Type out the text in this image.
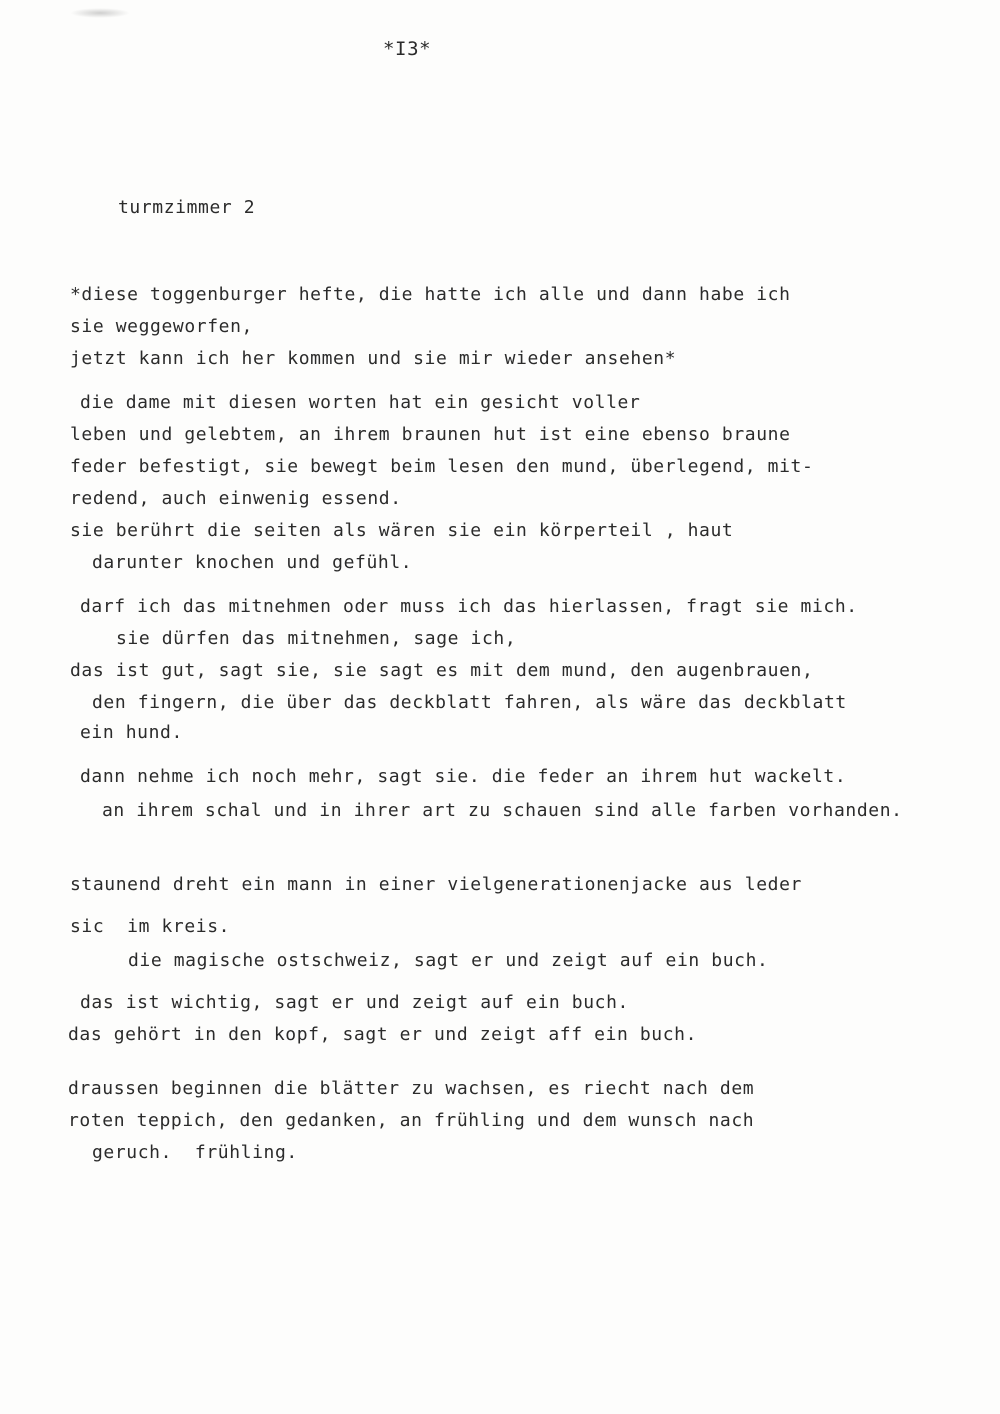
*I3*
turmzimmer 2
*diese toggenburger hefte, die hatte ich alle und dann habe ich
sie weggeworfen,
jetzt kann ich her kommen und sie mir wieder ansehen*
die dame mit diesen worten hat ein gesicht voller
leben und gelebtem, an ihrem braunen hut ist eine ebenso braune
feder befestigt, sie bewegt beim lesen den mund, überlegend, mit-
redend, auch einwenig essend.
sie berührt die seiten als wären sie ein körperteil , haut
darunter knochen und gefühl.
darf ich das mitnehmen oder muss ich das hierlassen, fragt sie mich.
sie dürfen das mitnehmen, sage ich,
das ist gut, sagt sie, sie sagt es mit dem mund, den augenbrauen,
den fingern, die über das deckblatt fahren, als wäre das deckblatt
ein hund.
dann nehme ich noch mehr, sagt sie. die feder an ihrem hut wackelt.
an ihrem schal und in ihrer art zu schauen sind alle farben vorhanden.
staunend dreht ein mann in einer vielgenerationenjacke aus leder
sic  im kreis.
die magische ostschweiz, sagt er und zeigt auf ein buch.
das ist wichtig, sagt er und zeigt auf ein buch.
das gehört in den kopf, sagt er und zeigt aff ein buch.
draussen beginnen die blätter zu wachsen, es riecht nach dem
roten teppich, den gedanken, an frühling und dem wunsch nach
geruch.  frühling.
